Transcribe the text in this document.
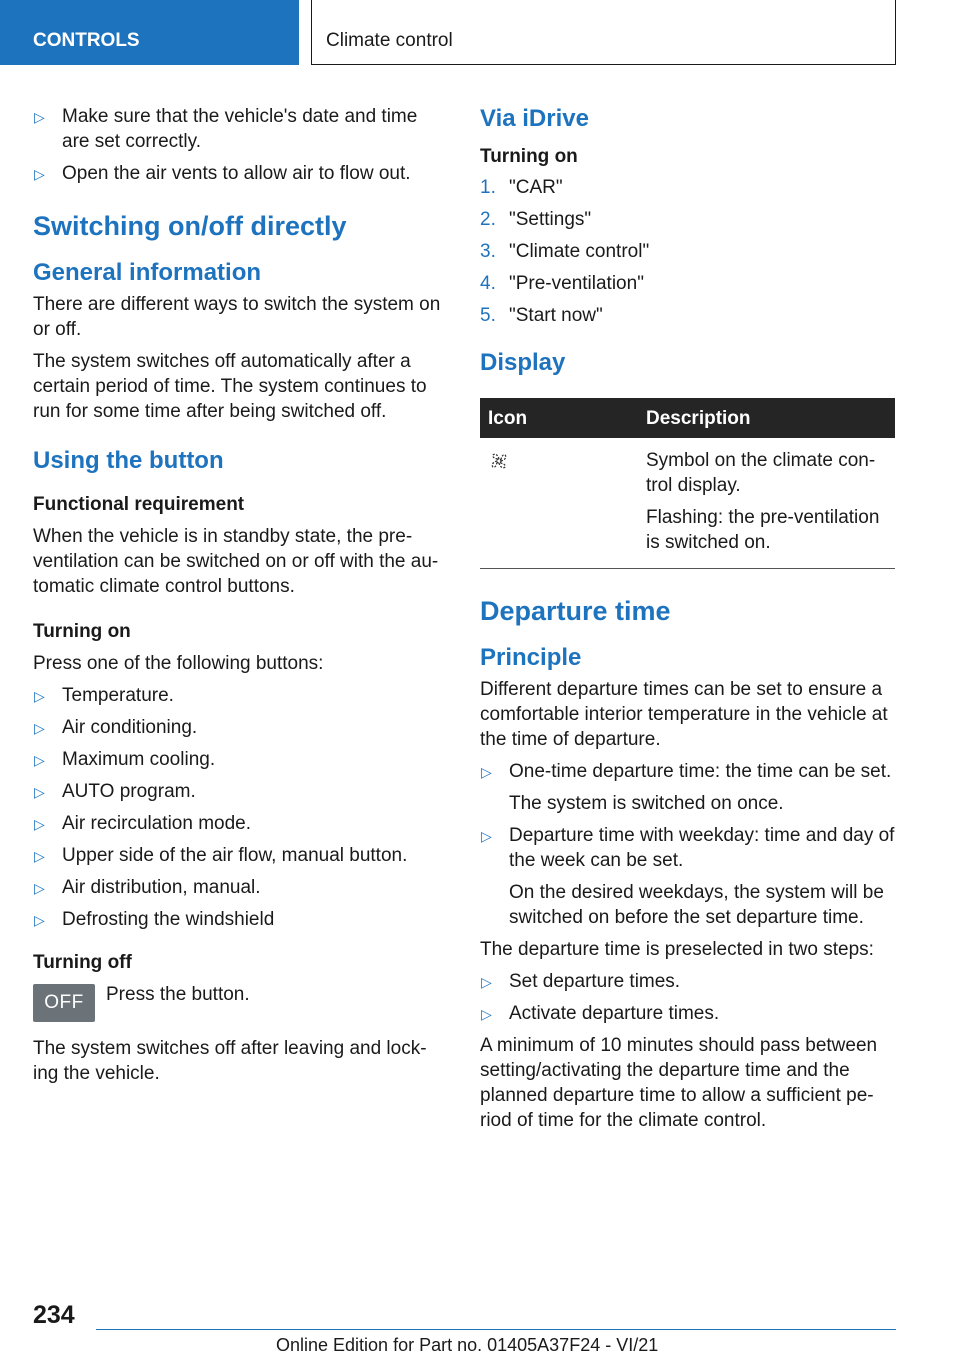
CONTROLS	Climate control
▷ Make sure that the vehicle's date and time are set correctly.
▷ Open the air vents to allow air to flow out.
Switching on/off directly
General information

There are different ways to switch the system on or off.

The system switches off automatically after a certain period of time. The system continues to run for some time after being switched off.

Using the button
Functional requirement

When the vehicle is in standby state, the pre-ventilation can be switched on or off with the au-tomatic climate control buttons.

Turning on

Press one of the following buttons:

▷ Temperature.
▷ Air conditioning.
▷ Maximum cooling.
▷ AUTO program.
▷ Air recirculation mode.
▷ Upper side of the air flow, manual button.
▷ Air distribution, manual.
▷ Defrosting the windshield
Turning off
OFF	Press the button.

The system switches off after leaving and lock-ing the vehicle.

Via iDrive
Turning on
1. "CAR"
2. "Settings"
3. "Climate control"
4. "Pre-ventilation"
5. "Start now"
Display
Icon	Description

Symbol on the climate con-trol display.

Flashing: the pre-ventilation is switched on.

Departure time
Principle

Different departure times can be set to ensure a comfortable interior temperature in the vehicle at the time of departure.

▷ One-time departure time: the time can be set.
The system is switched on once.
▷ Departure time with weekday: time and day of the week can be set.
On the desired weekdays, the system will be switched on before the set departure time.

The departure time is preselected in two steps:

▷ Set departure times.
▷ Activate departure times.

A minimum of 10 minutes should pass between setting/activating the departure time and the planned departure time to allow a sufficient pe-riod of time for the climate control.

234
Online Edition for Part no. 01405A37F24 - VI/21
